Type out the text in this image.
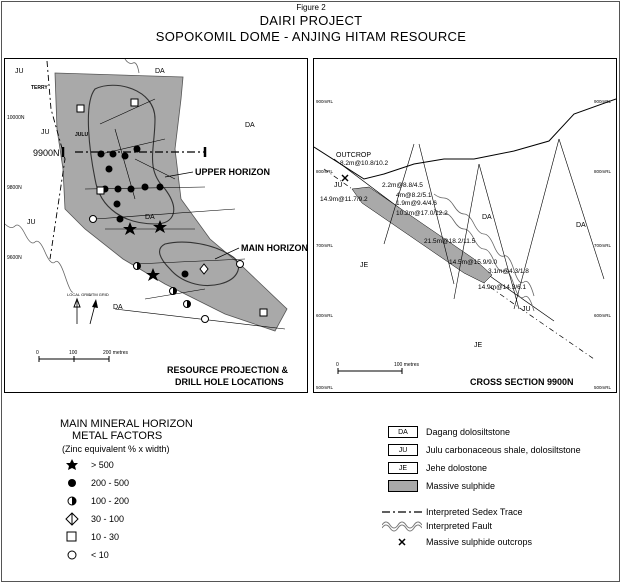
Figure 2
DAIRI PROJECT
SOPOKOMIL DOME - ANJING HITAM RESOURCE
9900N
UPPER HORIZON
MAIN HORIZON
DA
DA
JU
JU
DA
DA
JU
10000N
9800N
9600N
TERRY
JULU
LOCAL GRID
UTM GRID
0	100	200 metres
RESOURCE PROJECTION &
DRILL HOLE LOCATIONS
OUTCROP
8.2m@10.8/10.2
2.2m@8.8/4.5
14.9m@11.7/9.2
4m@8.2/5.1
1.9m@9.4/4.6
10.2m@17.0/12.2
21.5m@18.2/11.5
14.5m@15.9/9.0
3.1m@4.3/1.8
14.9m@14.3/6.1
900mRL
800mRL
700mRL
600mRL
500mRL
900mRL
800mRL
700mRL
600mRL
500mRL
JU
DA
JE
JU
DA
JE
0	100 metres
CROSS SECTION 9900N
MAIN MINERAL HORIZON
METAL FACTORS
(Zinc equivalent % x width)
> 500
200 - 500
100 - 200
30 - 100
10 - 30
< 10
DA	Dagang dolosiltstone
JU	Julu carbonaceous shale, dolosiltstone
JE	Jehe dolostone
Massive sulphide
Interpreted Sedex Trace
Interpreted Fault
Massive sulphide outcrops
